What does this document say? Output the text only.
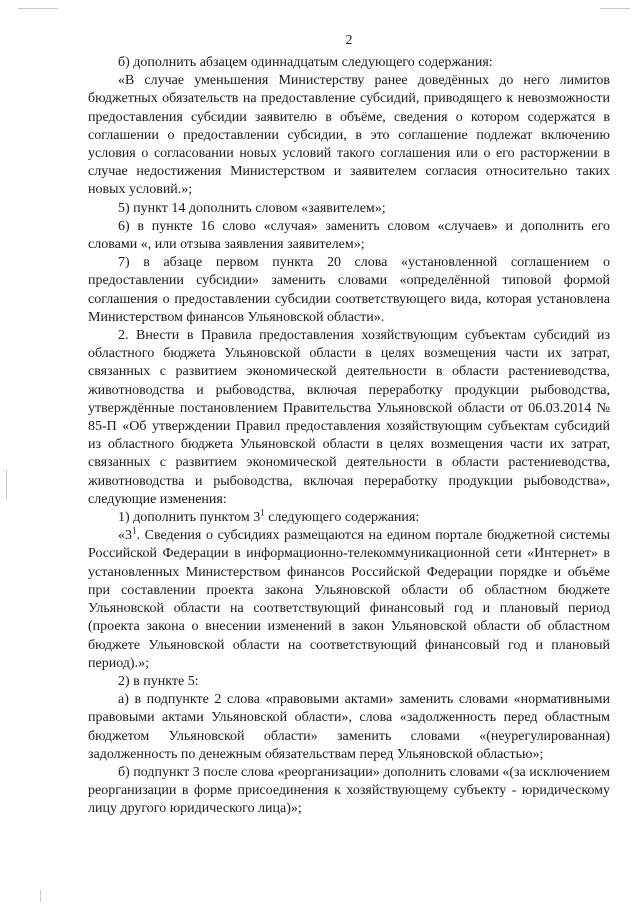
2

б) дополнить абзацем одиннадцатым следующего содержания:

«В случае уменьшения Министерству ранее доведённых до него лимитов бюджетных обязательств на предоставление субсидий, приводящего к невозможности предоставления субсидии заявителю в объёме, сведения о котором содержатся в соглашении о предоставлении субсидии, в это соглашение подлежат включению условия о согласовании новых условий такого соглашения или о его расторжении в случае недостижения Министерством и заявителем согласия относительно таких новых условий.»;

5) пункт 14 дополнить словом «заявителем»;

6) в пункте 16 слово «случая» заменить словом «случаев» и дополнить его словами «, или отзыва заявления заявителем»;

7) в абзаце первом пункта 20 слова «установленной соглашением о предоставлении субсидии» заменить словами «определённой типовой формой соглашения о предоставлении субсидии соответствующего вида, которая установлена Министерством финансов Ульяновской области».

2. Внести в Правила предоставления хозяйствующим субъектам субсидий из областного бюджета Ульяновской области в целях возмещения части их затрат, связанных с развитием экономической деятельности в области растениеводства, животноводства и рыбоводства, включая переработку продукции рыбоводства, утверждённые постановлением Правительства Ульяновской области от 06.03.2014 № 85-П «Об утверждении Правил предоставления хозяйствующим субъектам субсидий из областного бюджета Ульяновской области в целях возмещения части их затрат, связанных с развитием экономической деятельности в области растениеводства, животноводства и рыбоводства, включая переработку продукции рыбоводства», следующие изменения:

1) дополнить пунктом $3^1$ следующего содержания:

«$3^1$. Сведения о субсидиях размещаются на едином портале бюджетной системы Российской Федерации в информационно-телекоммуникационной сети «Интернет» в установленных Министерством финансов Российской Федерации порядке и объёме при составлении проекта закона Ульяновской области об областном бюджете Ульяновской области на соответствующий финансовый год и плановый период (проекта закона о внесении изменений в закон Ульяновской области об областном бюджете Ульяновской области на соответствующий финансовый год и плановый период).»;

2) в пункте 5:

а) в подпункте 2 слова «правовыми актами» заменить словами «нормативными правовыми актами Ульяновской области», слова «задолженность перед областным бюджетом Ульяновской области» заменить словами «(неурегулированная) задолженность по денежным обязательствам перед Ульяновской областью»;

б) подпункт 3 после слова «реорганизации» дополнить словами «(за исключением реорганизации в форме присоединения к хозяйствующему субъекту - юридическому лицу другого юридического лица)»;
